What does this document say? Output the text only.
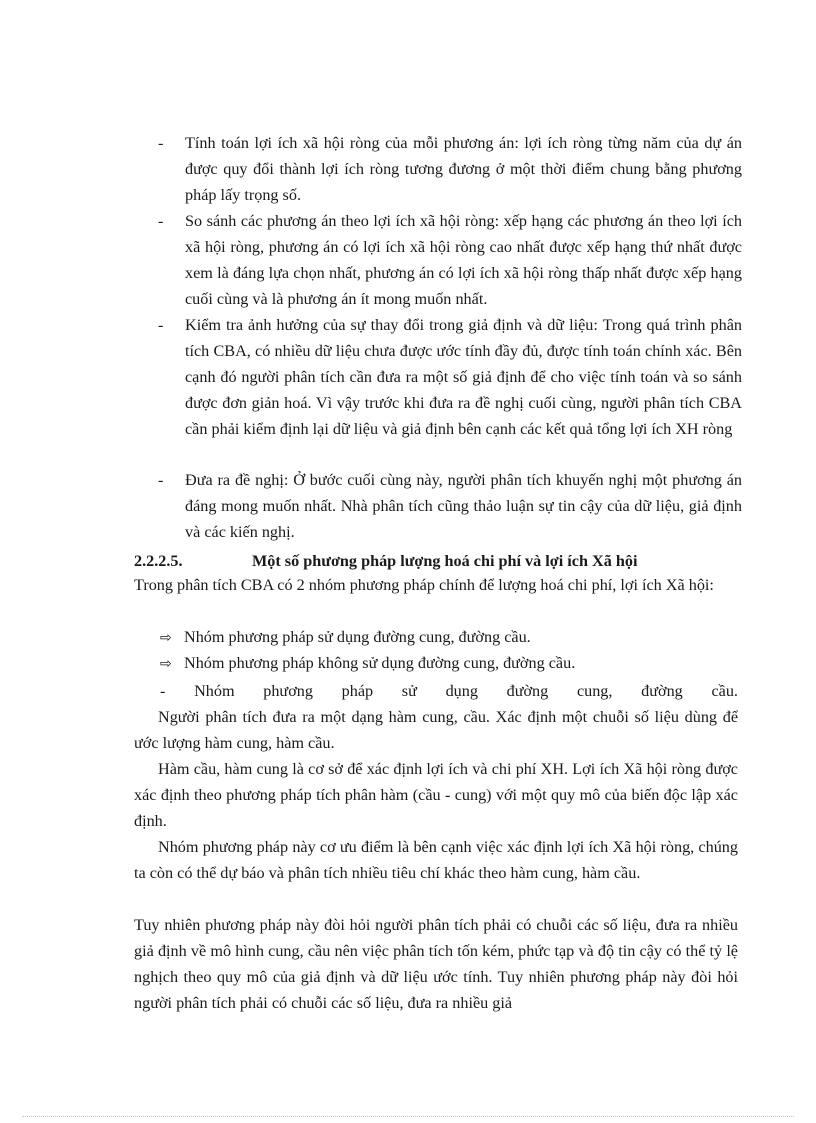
-	Tính toán lợi ích xã hội ròng của mỗi phương án: lợi ích ròng từng năm của dự án được quy đổi thành lợi ích ròng tương đương ở một thời điểm chung bằng phương pháp lấy trọng số.
-	So sánh các phương án theo lợi ích xã hội ròng: xếp hạng các phương án theo lợi ích xã hội ròng, phương án có lợi ích xã hội ròng cao nhất được xếp hạng thứ nhất được xem là đáng lựa chọn nhất, phương án có lợi ích xã hội ròng thấp nhất được xếp hạng cuối cùng và là phương án ít mong muốn nhất.
-	Kiểm tra ảnh hưởng của sự thay đổi trong giả định và dữ liệu: Trong quá trình phân tích CBA, có nhiều dữ liệu chưa được ước tính đầy đủ, được tính toán chính xác. Bên cạnh đó người phân tích cần đưa ra một số giả định để cho việc tính toán và so sánh được đơn giản hoá. Vì vậy trước khi đưa ra đề nghị cuối cùng, người phân tích CBA cần phải kiểm định lại dữ liệu và giả định bên cạnh các kết quả tổng lợi ích XH ròng
-	Đưa ra đề nghị: Ở bước cuối cùng này, người phân tích khuyến nghị một phương án đáng mong muốn nhất. Nhà phân tích cũng thảo luận sự tin cậy của dữ liệu, giả định và các kiến nghị.
2.2.2.5.	Một số phương pháp lượng hoá chi phí và lợi ích Xã hội
Trong phân tích CBA có 2 nhóm phương pháp chính để lượng hoá chi phí, lợi ích Xã hội:
⇨ Nhóm phương pháp sử dụng đường cung, đường cầu.
⇨ Nhóm phương pháp không sử dụng đường cung, đường cầu.
- Nhóm phương pháp sử dụng đường cung, đường cầu.
Người phân tích đưa ra một dạng hàm cung, cầu. Xác định một chuỗi số liệu dùng để ước lượng hàm cung, hàm cầu.
Hàm cầu, hàm cung là cơ sở để xác định lợi ích và chi phí XH. Lợi ích Xã hội ròng được xác định theo phương pháp tích phân hàm (cầu - cung) với một quy mô của biến độc lập xác định.
Nhóm phương pháp này cơ ưu điểm là bên cạnh việc xác định lợi ích Xã hội ròng, chúng ta còn có thể dự báo và phân tích nhiều tiêu chí khác theo hàm cung, hàm cầu.
Tuy nhiên phương pháp này đòi hỏi người phân tích phải có chuỗi các số liệu, đưa ra nhiều giả định về mô hình cung, cầu nên việc phân tích tốn kém, phức tạp và độ tin cậy có thể tỷ lệ nghịch theo quy mô của giả định và dữ liệu ước tính. Tuy nhiên phương pháp này đòi hỏi người phân tích phải có chuỗi các số liệu, đưa ra nhiều giả
